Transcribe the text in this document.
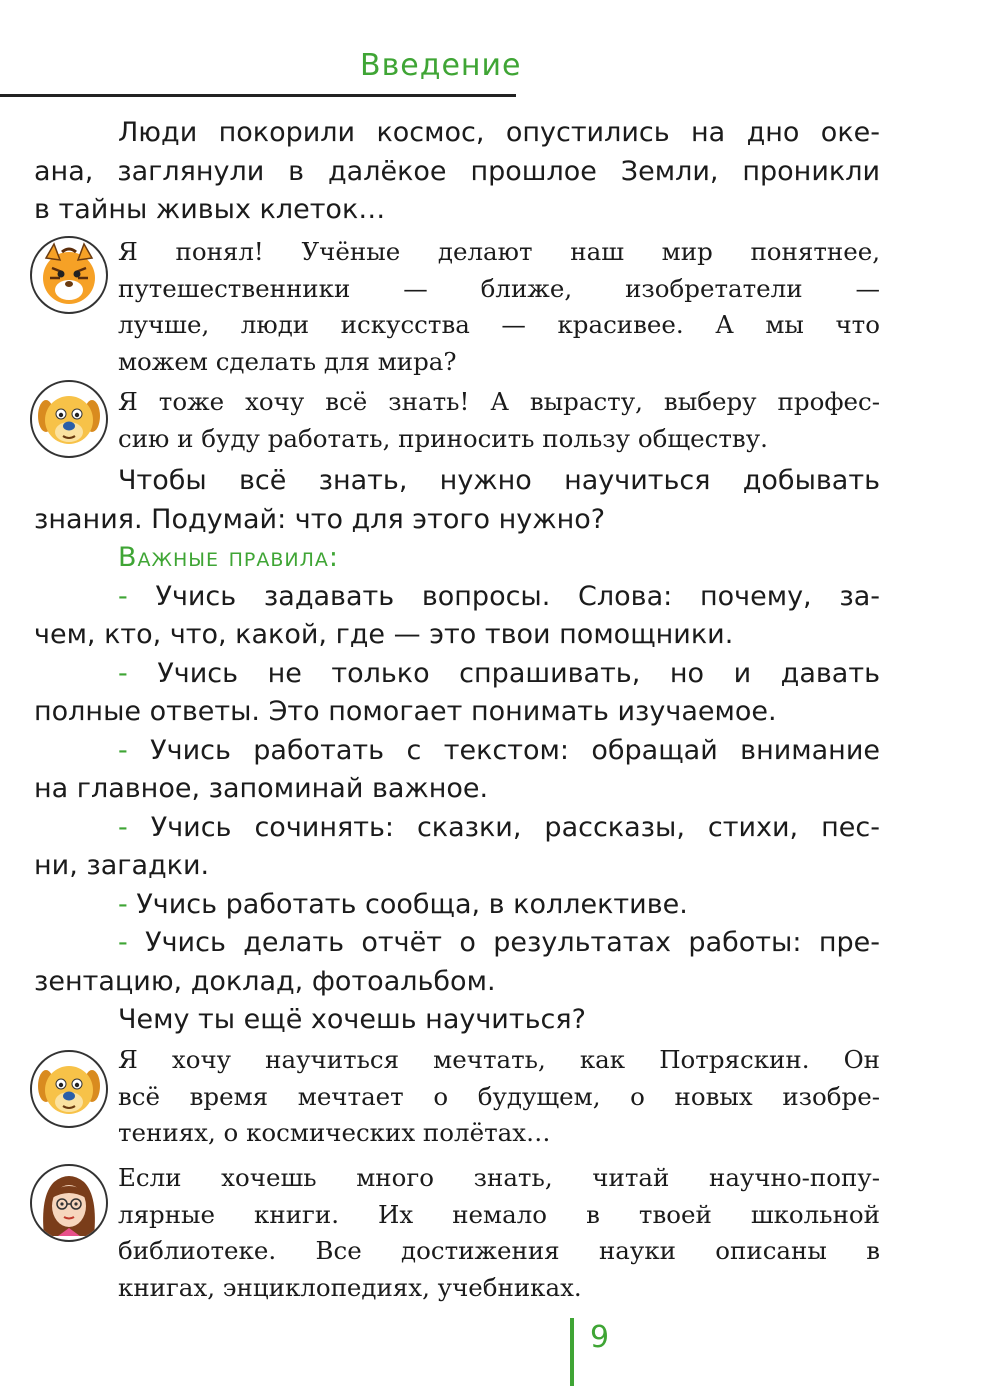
Введение
Люди покорили космос, опустились на дно оке-
ана, заглянули в далёкое прошлое Земли, проникли
в тайны живых клеток…
Я понял! Учёные делают наш мир понятнее,
путешественники — ближе, изобретатели —
лучше, люди искусства — красивее. А мы что
можем сделать для мира?
Я тоже хочу всё знать! А вырасту, выберу профес-
сию и буду работать, приносить пользу обществу.
Чтобы всё знать, нужно научиться добывать
знания. Подумай: что для этого нужно?
Важные правила:
- Учись задавать вопросы. Слова: почему, за-
чем, кто, что, какой, где — это твои помощники.
- Учись не только спрашивать, но и давать
полные ответы. Это помогает понимать изучаемое.
- Учись работать с текстом: обращай внимание
на главное, запоминай важное.
- Учись сочинять: сказки, рассказы, стихи, пес-
ни, загадки.
- Учись работать сообща, в коллективе.
- Учись делать отчёт о результатах работы: пре-
зентацию, доклад, фотоальбом.
Чему ты ещё хочешь научиться?
Я хочу научиться мечтать, как Потряскин. Он
всё время мечтает о будущем, о новых изобре-
тениях, о космических полётах…
Если хочешь много знать, читай научно-попу-
лярные книги. Их немало в твоей школьной
библиотеке. Все достижения науки описаны в
книгах, энциклопедиях, учебниках.
9
